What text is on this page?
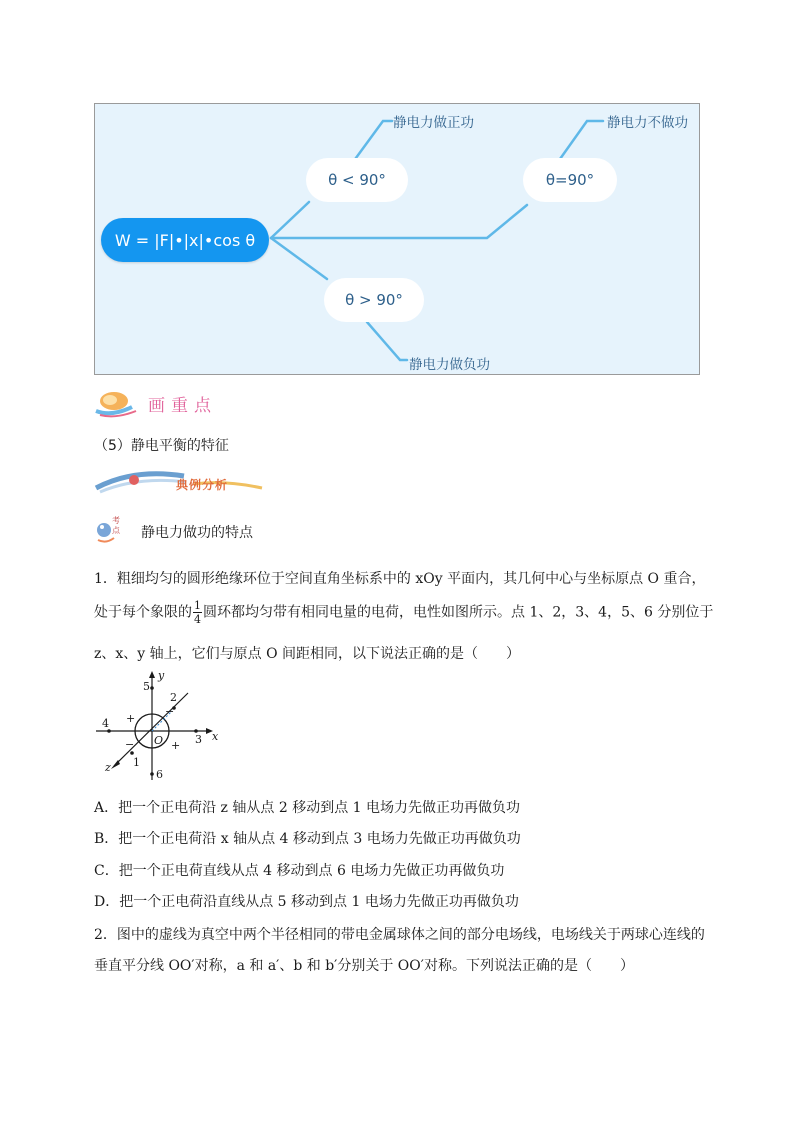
W = |F|•|x|•cos θ
θ < 90°	θ=90°
θ > 90°
静电力做正功	静电力不做功
静电力做负功
画重点
（5）静电平衡的特征
典例分析
考点 静电力做功的特点
1．粗细均匀的圆形绝缘环位于空间直角坐标系中的 xOy 平面内，其几何中心与坐标原点 O 重合，
处于每个象限的 $\frac{1}{4}$ 圆环都均匀带有相同电量的电荷，电性如图所示。点 1、2，3、4，5、6 分别位于
z、x、y 轴上，它们与原点 O 间距相同，以下说法正确的是（　　）
y
x
z
O
1
2
3
4
5
6
+
−
−	+
A．把一个正电荷沿 z 轴从点 2 移动到点 1 电场力先做正功再做负功
B．把一个正电荷沿 x 轴从点 4 移动到点 3 电场力先做正功再做负功
C．把一个正电荷直线从点 4 移动到点 6 电场力先做正功再做负功
D．把一个正电荷沿直线从点 5 移动到点 1 电场力先做正功再做负功
2．图中的虚线为真空中两个半径相同的带电金属球体之间的部分电场线，电场线关于两球心连线的
垂直平分线 OO′对称，a 和 a′、b 和 b′分别关于 OO′对称。下列说法正确的是（　　）
